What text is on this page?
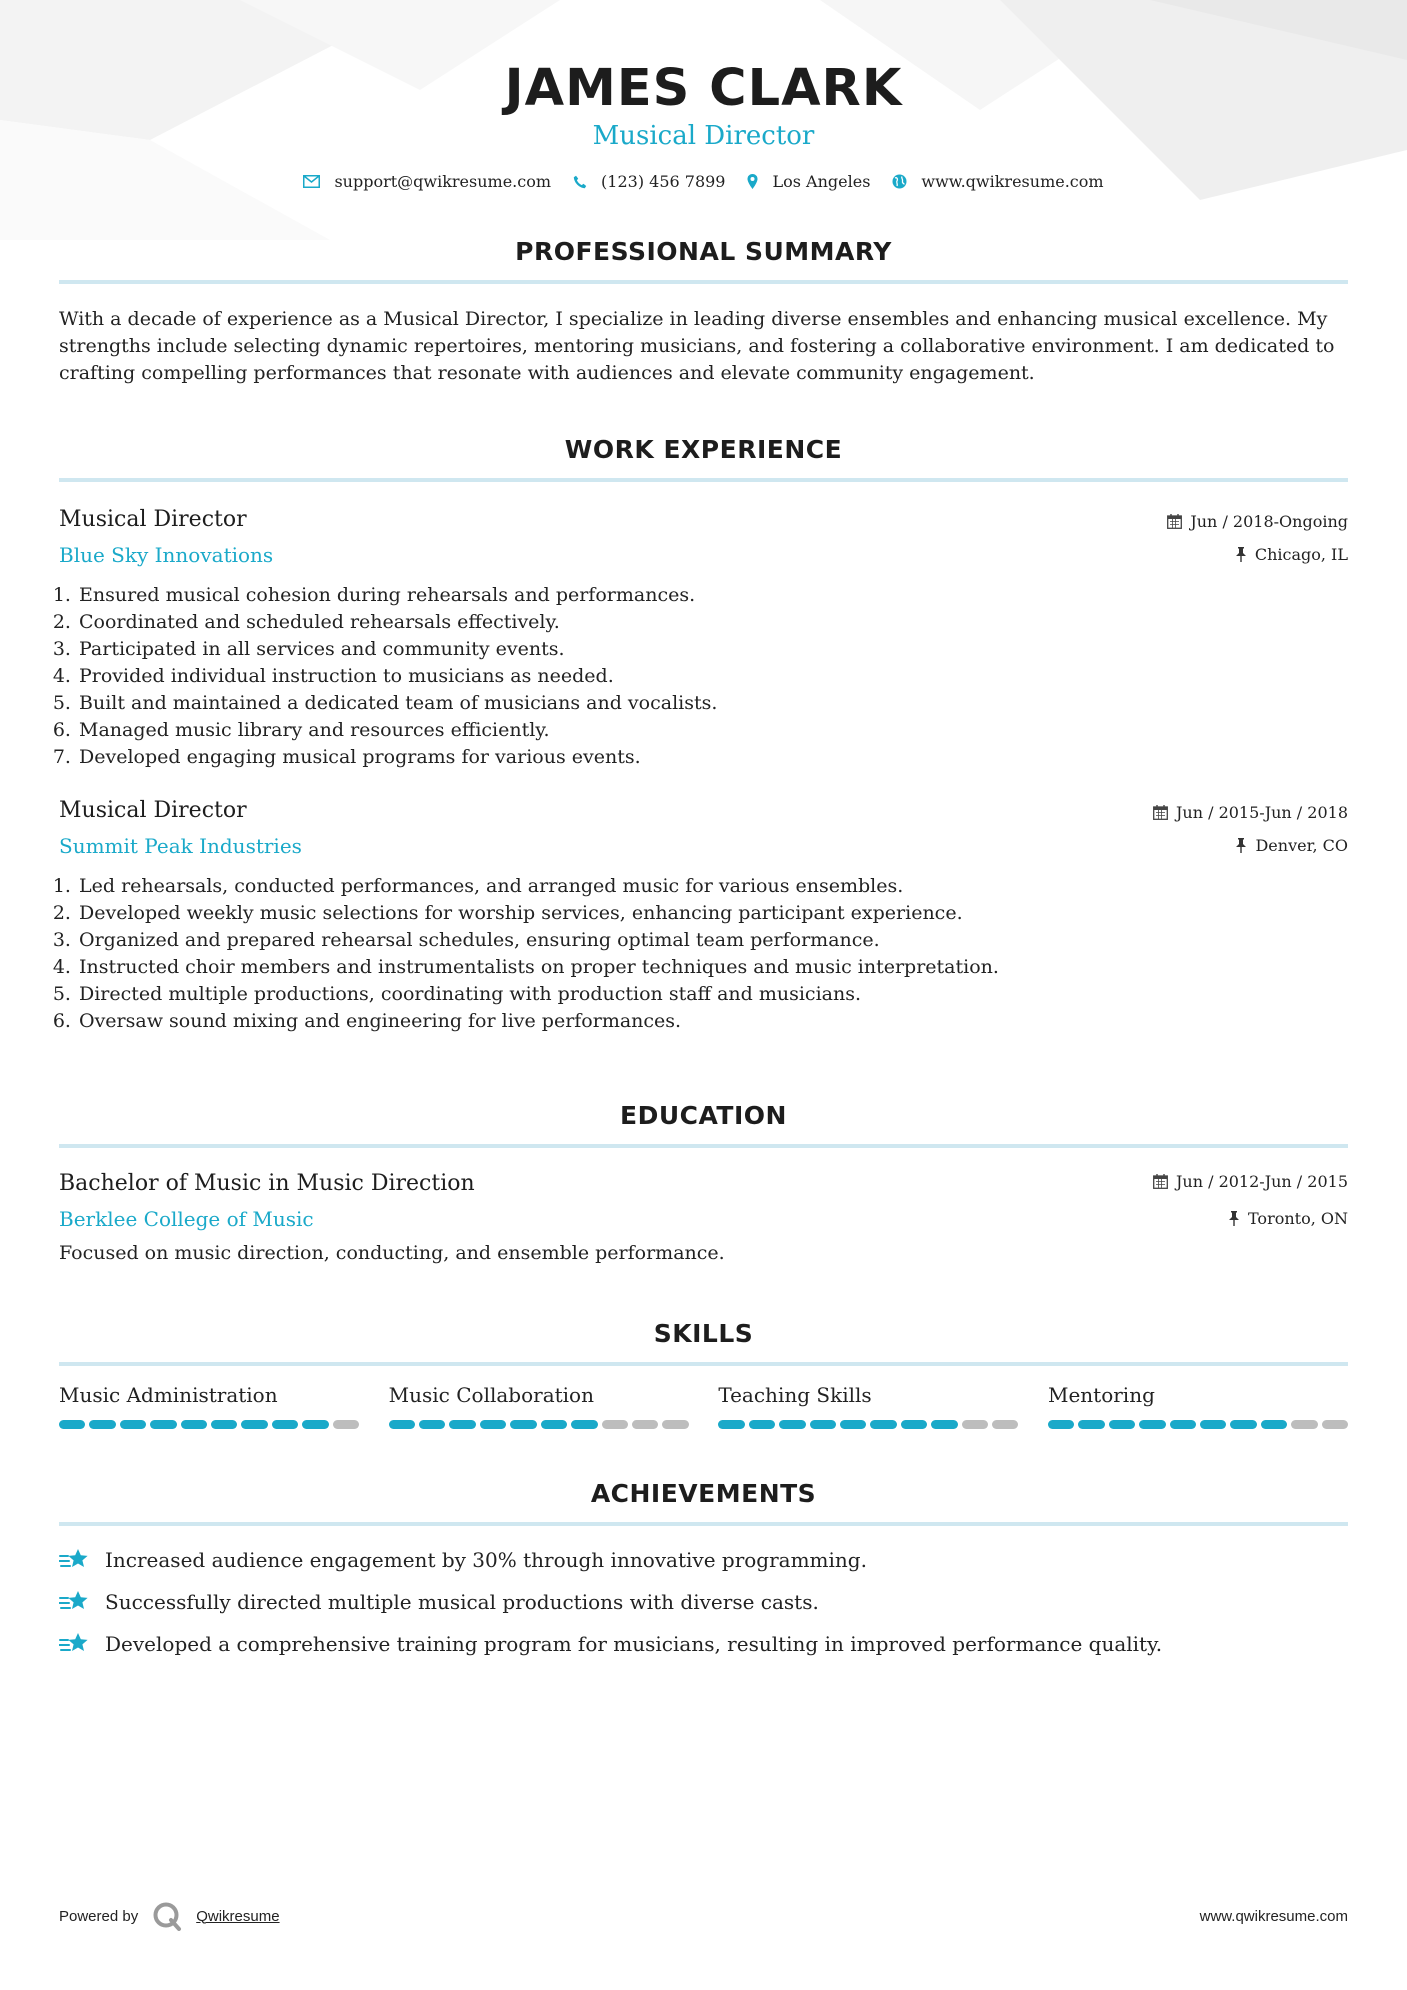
JAMES CLARK
Musical Director
support@qwikresume.com	(123) 456 7899	Los Angeles	www.qwikresume.com
PROFESSIONAL SUMMARY

With a decade of experience as a Musical Director, I specialize in leading diverse ensembles and enhancing musical excellence. My strengths include selecting dynamic repertoires, mentoring musicians, and fostering a collaborative environment. I am dedicated to crafting compelling performances that resonate with audiences and elevate community engagement.

WORK EXPERIENCE
Musical Director
Blue Sky Innovations
Jun / 2018-Ongoing
Chicago, IL
1. Ensured musical cohesion during rehearsals and performances.
2. Coordinated and scheduled rehearsals effectively.
3. Participated in all services and community events.
4. Provided individual instruction to musicians as needed.
5. Built and maintained a dedicated team of musicians and vocalists.
6. Managed music library and resources efficiently.
7. Developed engaging musical programs for various events.
Musical Director
Summit Peak Industries
Jun / 2015-Jun / 2018
Denver, CO
1. Led rehearsals, conducted performances, and arranged music for various ensembles.
2. Developed weekly music selections for worship services, enhancing participant experience.
3. Organized and prepared rehearsal schedules, ensuring optimal team performance.
4. Instructed choir members and instrumentalists on proper techniques and music interpretation.
5. Directed multiple productions, coordinating with production staff and musicians.
6. Oversaw sound mixing and engineering for live performances.
EDUCATION
Bachelor of Music in Music Direction
Berklee College of Music
Jun / 2012-Jun / 2015
Toronto, ON
Focused on music direction, conducting, and ensemble performance.
SKILLS
Music Administration	Music Collaboration	Teaching Skills	Mentoring
ACHIEVEMENTS
Increased audience engagement by 30% through innovative programming.
Successfully directed multiple musical productions with diverse casts.
Developed a comprehensive training program for musicians, resulting in improved performance quality.
Powered by	Qwikresume	www.qwikresume.com
